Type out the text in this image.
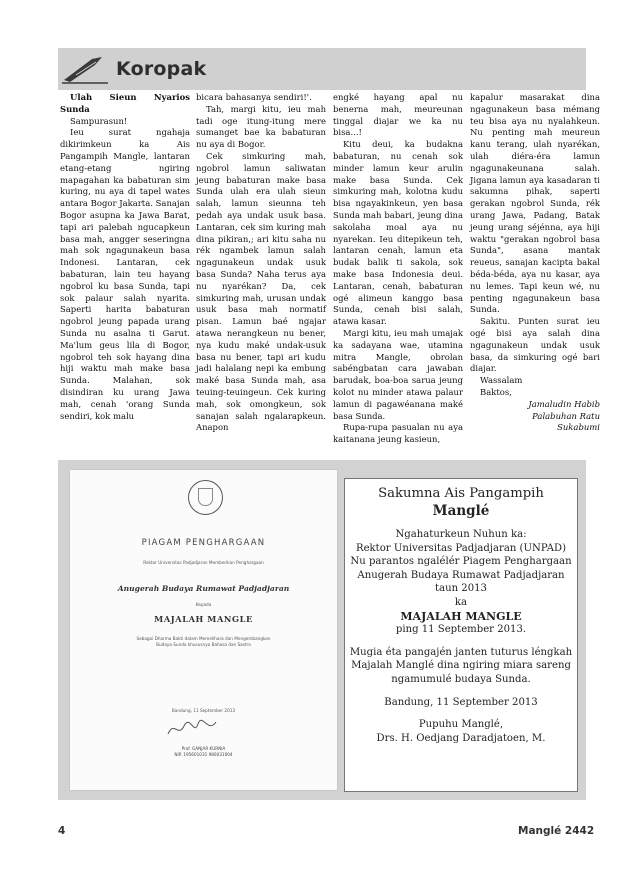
Koropak

Ulah Sieun Nyarios Sunda

Sampurasun!

Ieu surat ngahaja dikirimkeun ka Ais Pangampih Mangle, lantaran etang-etang ngiring mapagahan ka babaturan sim kuring, nu aya di tapel wates antara Bogor Jakarta. Sanajan Bogor asupna ka Jawa Barat, tapi ari palebah ngucapkeun basa mah, angger seseringna mah sok ngagunakeun basa Indonesi. Lantaran, cek babaturan, lain teu hayang ngobrol ku basa Sunda, tapi sok palaur salah nyarita. Saperti harita babaturan ngobrol jeung papada urang Sunda nu asalna ti Garut. Ma'lum geus lila di Bogor, ngobrol teh sok hayang dina hiji waktu mah make basa Sunda. Malahan, sok disindiran ku urang Jawa mah, cenah 'orang Sunda sendiri, kok malu

bicara bahasanya sendiri!'.

Tah, margi kitu, ieu mah tadi oge itung-itung mere sumanget bae ka babaturan nu aya di Bogor.

Cek simkuring mah, ngobrol lamun saliwatan jeung babaturan make basa Sunda ulah era ulah sieun salah, lamun sieunna teh pedah aya undak usuk basa. Lantaran, cek sim kuring mah dina pikiran,; ari kitu saha nu rék ngambek lamun salah ngagunakeun undak usuk basa Sunda? Naha terus aya nu nyarékan? Da, cek simkuring mah, urusan undak usuk basa mah normatif pisan. Lamun baé ngajar atawa nerangkeun nu bener, nya kudu maké undak-usuk basa nu bener, tapi ari kudu jadi halalang nepi ka embung maké basa Sunda mah, asa teuing-teuingeun. Cek kuring mah, sok omongkeun, sok sanajan salah ngalarapkeun. Anapon

engké hayang apal nu benerna mah, meureunan tinggal diajar we ka nu bisa...!

Kitu deui, ka budakna babaturan, nu cenah sok minder lamun keur arulin make basa Sunda. Cek simkuring mah, kolotna kudu bisa ngayakinkeun, yen basa Sunda mah babari, jeung dina sakolaha moal aya nu nyarekan. Ieu ditepikeun teh, lantaran cenah, lamun eta budak balik ti sakola, sok make basa Indonesia deui. Lantaran, cenah, babaturan ogé alimeun kanggo basa Sunda, cenah bisi salah, atawa kasar.

Margi kitu, ieu mah umajak ka sadayana wae, utamina mitra Mangle, obrolan sabéngbatan cara jawaban barudak, boa-boa sarua jeung kolot nu minder atawa palaur lamun di pagawéanana maké basa Sunda.

Rupa-rupa pasualan nu aya kaitanana jeung kasieun,

kapalur masarakat dina ngagunakeun basa mémang teu bisa aya nu nyalahkeun. Nu penting mah meureun kanu terang, ulah nyarékan, ulah diéra-éra lamun ngagunakeunana salah. Jigana lamun aya kasadaran ti sakumna pihak, saperti gerakan ngobrol Sunda, rék urang Jawa, Padang, Batak jeung urang séjénna, aya hiji waktu "gerakan ngobrol basa Sunda", asana mantak reueus, sanajan kacipta bakal béda-béda, aya nu kasar, aya nu lemes. Tapi keun wé, nu penting ngagunakeun basa Sunda.

Sakitu. Punten surat ieu ogé bisi aya salah dina ngagunakeun undak usuk basa, da simkuring ogé bari diajar.

Wassalam

Baktos,

Jamaludin Habib

Palabuhan Ratu

Sukabumi

PIAGAM PENGHARGAAN
Rektor Universitas Padjadjaran Memberikan Penghargaan
Anugerah Budaya Rumawat Padjadjaran
Kepada
MAJALAH MANGLE
Sebagai Dharma Bakti dalam Memelihara dan Mengembangkan
Budaya Sunda khususnya Bahasa dan Sastra
Bandung, 11 September 2013
Prof. GANJAR KURNIA
NIP. 195601031 980031004

Sakumna Ais Pangampih

Manglé

Ngahaturkeun Nuhun ka:

Rektor Universitas Padjadjaran (UNPAD)

Nu parantos ngalélér Piagem Penghargaan

Anugerah Budaya Rumawat Padjadjaran

taun 2013

ka

MAJALAH MANGLE

ping 11 September 2013.

Mugia éta pangajén janten tuturus léngkah

Majalah Manglé dina ngiring miara sareng

ngamumulé budaya Sunda.

Bandung, 11 September 2013

Pupuhu Manglé,

Drs. H. Oedjang Daradjatoen, M.

4	Manglé 2442
